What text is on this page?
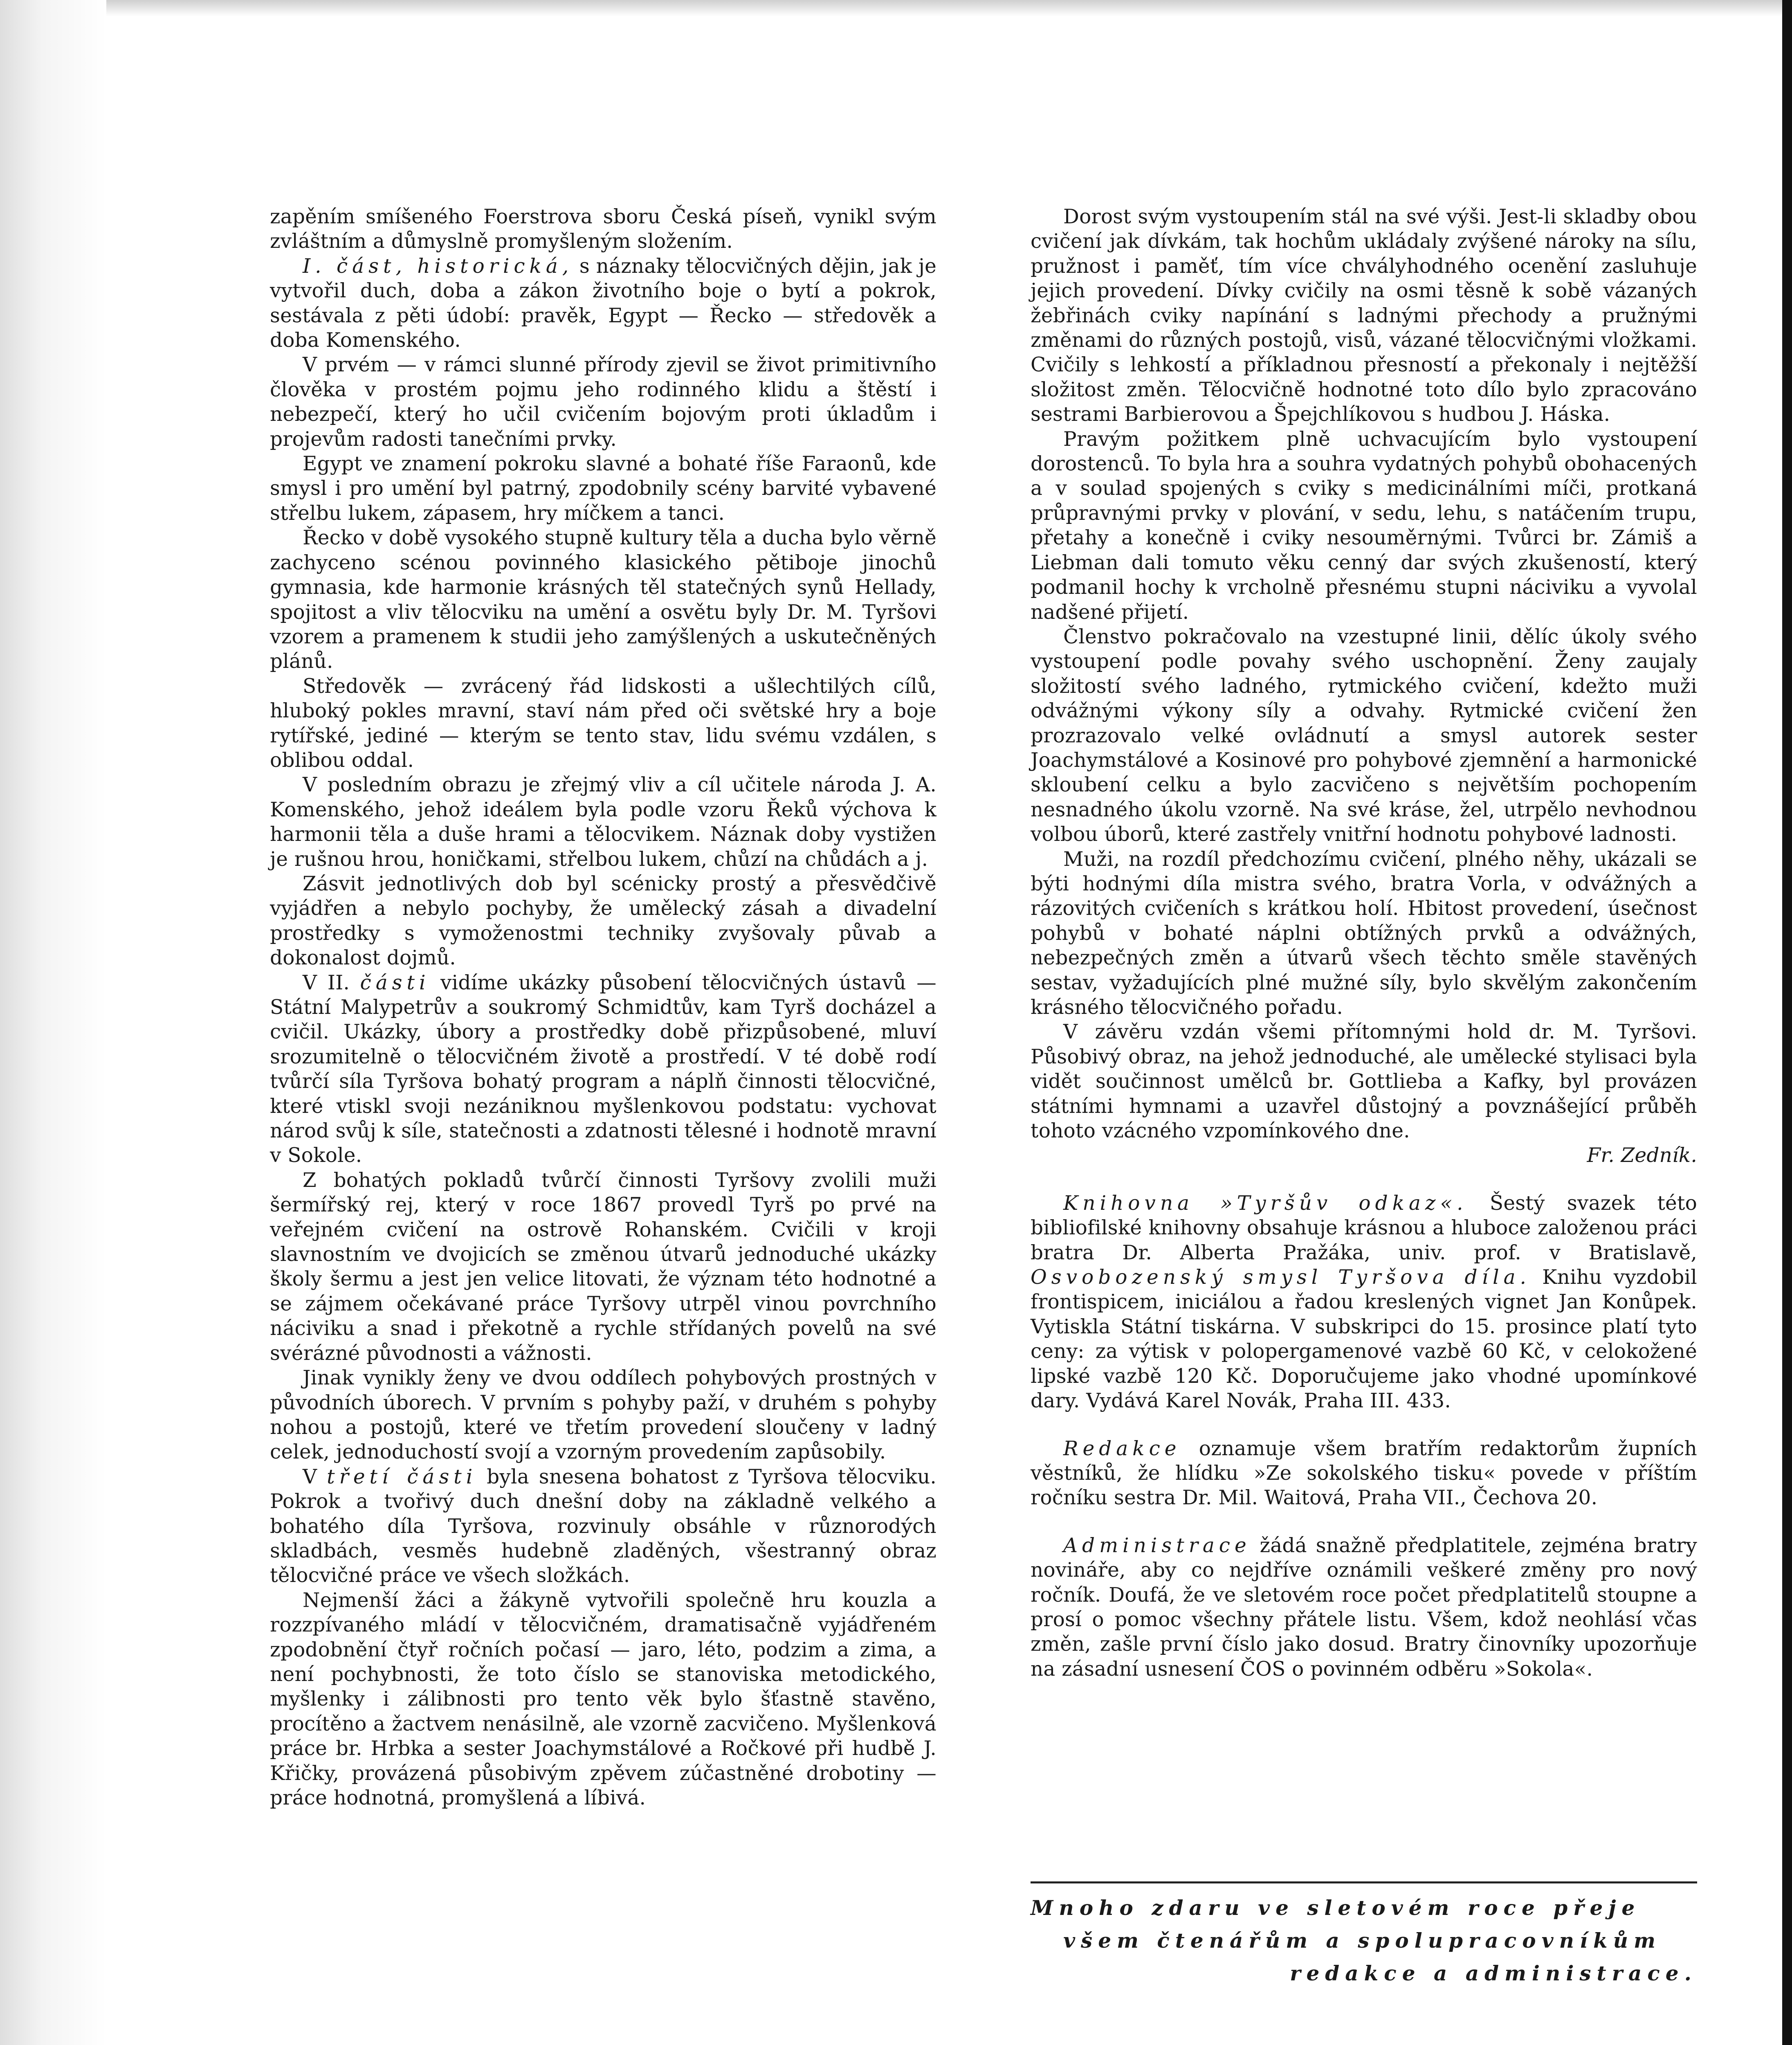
zapěním smíšeného Foerstrova sboru Česká píseň, vynikl svým zvláštním a důmyslně promyšleným složením.

I. část, historická, s náznaky tělocvičných dějin, jak je vytvořil duch, doba a zákon životního boje o bytí a pokrok, sestávala z pěti údobí: pravěk, Egypt — Řecko — středověk a doba Komenského.

V prvém — v rámci slunné přírody zjevil se život primitivního člověka v prostém pojmu jeho rodinného klidu a štěstí i nebezpečí, který ho učil cvičením bojovým proti úkladům i projevům radosti tanečními prvky.

Egypt ve znamení pokroku slavné a bohaté říše Faraonů, kde smysl i pro umění byl patrný, zpodobnily scény barvité vybavené střelbu lukem, zápasem, hry míčkem a tanci.

Řecko v době vysokého stupně kultury těla a ducha bylo věrně zachyceno scénou povinného klasického pětiboje jinochů gymnasia, kde harmonie krásných těl statečných synů Hellady, spojitost a vliv tělocviku na umění a osvětu byly Dr. M. Tyršovi vzorem a pramenem k studii jeho zamýšlených a uskutečněných plánů.

Středověk — zvrácený řád lidskosti a ušlechtilých cílů, hluboký pokles mravní, staví nám před oči světské hry a boje rytířské, jediné — kterým se tento stav, lidu svému vzdálen, s oblibou oddal.

V posledním obrazu je zřejmý vliv a cíl učitele národa J. A. Komenského, jehož ideálem byla podle vzoru Řeků výchova k harmonii těla a duše hrami a tělocvikem. Náznak doby vystižen je rušnou hrou, honičkami, střelbou lukem, chůzí na chůdách a j.

Zásvit jednotlivých dob byl scénicky prostý a přesvědčivě vyjádřen a nebylo pochyby, že umělecký zásah a divadelní prostředky s vymoženostmi techniky zvyšovaly půvab a dokonalost dojmů.

V II. části vidíme ukázky působení tělocvičných ústavů — Státní Malypetrův a soukromý Schmidtův, kam Tyrš docházel a cvičil. Ukázky, úbory a prostředky době přizpůsobené, mluví srozumitelně o tělocvičném životě a prostředí. V té době rodí tvůrčí síla Tyršova bohatý program a náplň činnosti tělocvičné, které vtiskl svoji nezániknou myšlenkovou podstatu: vychovat národ svůj k síle, statečnosti a zdatnosti tělesné i hodnotě mravní v Sokole.

Z bohatých pokladů tvůrčí činnosti Tyršovy zvolili muži šermířský rej, který v roce 1867 provedl Tyrš po prvé na veřejném cvičení na ostrově Rohanském. Cvičili v kroji slavnostním ve dvojicích se změnou útvarů jednoduché ukázky školy šermu a jest jen velice litovati, že význam této hodnotné a se zájmem očekávané práce Tyršovy utrpěl vinou povrchního náciviku a snad i překotně a rychle střídaných povelů na své svérázné původnosti a vážnosti.

Jinak vynikly ženy ve dvou oddílech pohybových prostných v původních úborech. V prvním s pohyby paží, v druhém s pohyby nohou a postojů, které ve třetím provedení sloučeny v ladný celek, jednoduchostí svojí a vzorným provedením zapůsobily.

V třetí části byla snesena bohatost z Tyršova tělocviku. Pokrok a tvořivý duch dnešní doby na základně velkého a bohatého díla Tyršova, rozvinuly obsáhle v různorodých skladbách, vesměs hudebně zladěných, všestranný obraz tělocvičné práce ve všech složkách.

Nejmenší žáci a žákyně vytvořili společně hru kouzla a rozzpívaného mládí v tělocvičném, dramatisačně vyjádřeném zpodobnění čtyř ročních počasí — jaro, léto, podzim a zima, a není pochybnosti, že toto číslo se stanoviska metodického, myšlenky i zálibnosti pro tento věk bylo šťastně stavěno, procítěno a žactvem nenásilně, ale vzorně zacvičeno. Myšlenková práce br. Hrbka a sester Joachymstálové a Ročkové při hudbě J. Křičky, provázená působivým zpěvem zúčastněné drobotiny — práce hodnotná, promyšlená a líbivá.

Dorost svým vystoupením stál na své výši. Jest-li skladby obou cvičení jak dívkám, tak hochům ukládaly zvýšené nároky na sílu, pružnost i paměť, tím více chvályhodného ocenění zasluhuje jejich provedení. Dívky cvičily na osmi těsně k sobě vázaných žebřinách cviky napínání s ladnými přechody a pružnými změnami do různých postojů, visů, vázané tělocvičnými vložkami. Cvičily s lehkostí a příkladnou přesností a překonaly i nejtěžší složitost změn. Tělocvičně hodnotné toto dílo bylo zpracováno sestrami Barbierovou a Špejchlíkovou s hudbou J. Háska.

Pravým požitkem plně uchvacujícím bylo vystoupení dorostenců. To byla hra a souhra vydatných pohybů obohacených a v soulad spojených s cviky s medicinálními míči, protkaná průpravnými prvky v plování, v sedu, lehu, s natáčením trupu, přetahy a konečně i cviky nesouměrnými. Tvůrci br. Zámiš a Liebman dali tomuto věku cenný dar svých zkušeností, který podmanil hochy k vrcholně přesnému stupni náciviku a vyvolal nadšené přijetí.

Členstvo pokračovalo na vzestupné linii, dělíc úkoly svého vystoupení podle povahy svého uschopnění. Ženy zaujaly složitostí svého ladného, rytmického cvičení, kdežto muži odvážnými výkony síly a odvahy. Rytmické cvičení žen prozrazovalo velké ovládnutí a smysl autorek sester Joachymstálové a Kosinové pro pohybové zjemnění a harmonické skloubení celku a bylo zacvičeno s největším pochopením nesnadného úkolu vzorně. Na své kráse, žel, utrpělo nevhodnou volbou úborů, které zastřely vnitřní hodnotu pohybové ladnosti.

Muži, na rozdíl předchozímu cvičení, plného něhy, ukázali se býti hodnými díla mistra svého, bratra Vorla, v odvážných a rázovitých cvičeních s krátkou holí. Hbitost provedení, úsečnost pohybů v bohaté náplni obtížných prvků a odvážných, nebezpečných změn a útvarů všech těchto směle stavěných sestav, vyžadujících plné mužné síly, bylo skvělým zakončením krásného tělocvičného pořadu.

V závěru vzdán všemi přítomnými hold dr. M. Tyršovi. Působivý obraz, na jehož jednoduché, ale umělecké stylisaci byla vidět součinnost umělců br. Gottlieba a Kafky, byl provázen státními hymnami a uzavřel důstojný a povznášející průběh tohoto vzácného vzpomínkového dne.

Fr. Zedník.

Knihovna »Tyršův odkaz«. Šestý svazek této bibliofilské knihovny obsahuje krásnou a hluboce založenou práci bratra Dr. Alberta Pražáka, univ. prof. v Bratislavě, Osvobozenský smysl Tyršova díla. Knihu vyzdobil frontispicem, iniciálou a řadou kreslených vignet Jan Konůpek. Vytiskla Státní tiskárna. V subskripci do 15. prosince platí tyto ceny: za výtisk v polopergamenové vazbě 60 Kč, v celokožené lipské vazbě 120 Kč. Doporučujeme jako vhodné upomínkové dary. Vydává Karel Novák, Praha III. 433.

Redakce oznamuje všem bratřím redaktorům župních věstníků, že hlídku »Ze sokolského tisku« povede v příštím ročníku sestra Dr. Mil. Waitová, Praha VII., Čechova 20.

Administrace žádá snažně předplatitele, zejména bratry novináře, aby co nejdříve oznámili veškeré změny pro nový ročník. Doufá, že ve sletovém roce počet předplatitelů stoupne a prosí o pomoc všechny přátele listu. Všem, kdož neohlásí včas změn, zašle první číslo jako dosud. Bratry činovníky upozorňuje na zásadní usnesení ČOS o povinném odběru »Sokola«.

Mnoho zdaru ve sletovém roce přeje
všem čtenářům a spolupracovníkům
redakce a administrace.
